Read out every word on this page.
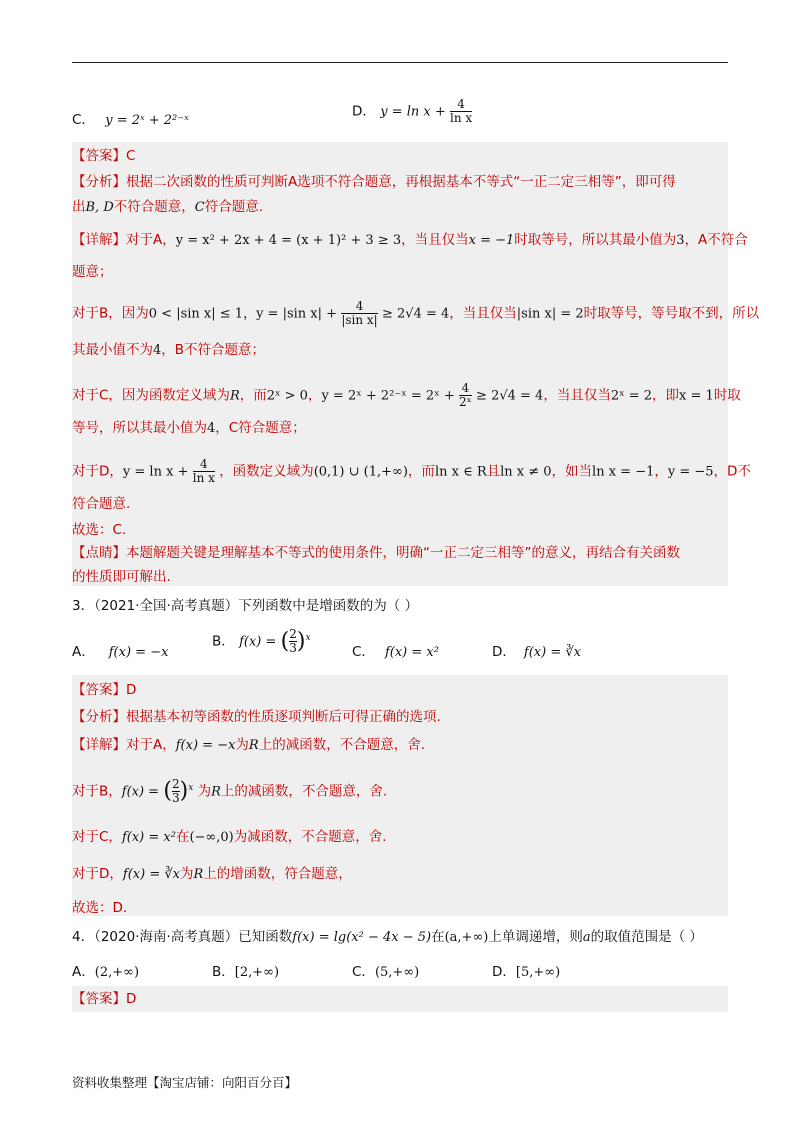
C． y = 2ˣ + 2²⁻ˣ
D． $y = \ln x + \frac{4}{\text{ln x}}$
【答案】C
【分析】根据二次函数的性质可判断A选项不符合题意，再根据基本不等式“一正二定三相等”，即可得
出B, D不符合题意，C符合题意.
【详解】对于A，y = x² + 2x + 4 = (x + 1)² + 3 ≥ 3，当且仅当x = −1时取等号，所以其最小值为3，A不符合
题意；
对于B，因为0 < |sin x| ≤ 1，y = |sin $x| + \frac{4}{\text{|sin x|}} \ge 2√4 = 4$，当且仅当|sin x| = 2时取等号，等号取不到，所以
其最小值不为4，B不符合题意；
对于C，因为函数定义域为R，而2ˣ > 0，y = 2ˣ + 2²⁻ˣ = 2ˣ + $\frac{4}{\text{2ˣ}} \ge 2√4 = 4$，当且仅当2ˣ = 2，即x = 1时取
等号，所以其最小值为4，C符合题意；
对于D，$y = \ln x + \frac{4}{\text{ln x}}$ ，函数定义域为(0,1) ∪ (1,+∞)，而ln x ∈ R且ln x ≠ 0，如当ln x = −1，y = −5，D不
符合题意.
故选：C.
【点睛】本题解题关键是理解基本不等式的使用条件，明确“一正二定三相等”的意义，再结合有关函数
的性质即可解出.
3．（2021·全国·高考真题）下列函数中是增函数的为（ ）
A． f(x) = −x
B． f(x) = ( $\frac{2}{3} )^x$
C． f(x) = x²	D． f(x) = ∛x
【答案】D
【分析】根据基本初等函数的性质逐项判断后可得正确的选项.
【详解】对于A，f(x) = −x为R上的减函数，不合题意，舍.
对于B，f(x) = ( $\frac{2}{3} )^x$ 为R上的减函数，不合题意，舍.
对于C，f(x) = x²在(−∞,0)为减函数，不合题意，舍.
对于D，f(x) = ∛x为R上的增函数，符合题意，
故选：D.
4．（2020·海南·高考真题）已知函数f(x) = lg(x² − 4x − 5)在(a,+∞)上单调递增，则a的取值范围是（ ）
A．(2,+∞)	B．[2,+∞)	C．(5,+∞)	D．[5,+∞)
【答案】D
资料收集整理【淘宝店铺：向阳百分百】
